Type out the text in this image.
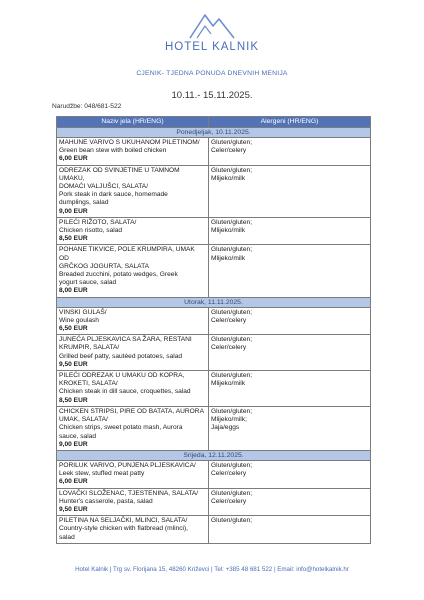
HOTEL KALNIK
CJENIK- TJEDNA PONUDA DNEVNIH MENIJA
10.11.- 15.11.2025.
Narudžbe: 048/681-522
Naziv jela (HR/ENG)	Alergeni (HR/ENG)
Ponedjeljak, 10.11.2025.	

MAHUNE VARIVO S UKUHANOM PILETINOM/
Green bean stew with boiled chicken
6,00 EUR	Gluten/gluten;
Celer/celery

ODREZAK OD SVINJETINE U TAMNOM UMAKU,
DOMAĆI VALJUŠCI, SALATA/
Pork steak in dark sauce, homemade
dumplings, salad
9,00 EUR	Gluten/gluten;
Mlijeko/milk

PILEĆI RIŽOTO, SALATA/
Chicken risotto, salad
8,50 EUR	Gluten/gluten;
Mlijeko/milk

POHANE TIKVICE, POLE KRUMPIRA, UMAK OD
GRČKOG JOGURTA, SALATA
Breaded zucchini, potato wedges, Greek
yogurt sauce, salad
8,00 EUR	Gluten/gluten;
Mlijeko/milk

Utorak, 11.11.2025.	

VINSKI GULAŠ/
Wine goulash
6,50 EUR	Gluten/gluten;
Celer/celery

JUNEĆA PLJESKAVICA SA ŽARA, RESTANI
KRUMPIR, SALATA/
Grilled beef patty, sautéed potatoes, salad
9,50 EUR	Gluten/gluten;
Celer/celery

PILEĆI ODREZAK U UMAKU OD KOPRA,
KROKETI, SALATA/
Chicken steak in dill sauce, croquettes, salad
8,50 EUR	Gluten/gluten;
Mlijeko/milk

CHICKEN STRIPSI, PIRE OD BATATA, AURORA
UMAK, SALATA/
Chicken strips, sweet potato mash, Aurora
sauce, salad
9,00 EUR	Gluten/gluten;
Mlijeko/milk;
Jaja/eggs

Srijeda, 12.11.2025.	

PORILUK VARIVO, PUNJENA PLJESKAVICA/
Leek stew, stuffed meat patty
6,00 EUR	Gluten/gluten;
Celer/celery

LOVAČKI SLOŽENAC, TJESTENINA, SALATA/
Hunter's casserole, pasta, salad
9,50 EUR	Gluten/gluten;
Celer/celery

PILETINA NA SELJAČKI, MLINCI, SALATA/
Country-style chicken with flatbread (mlinci),
salad	Gluten/gluten;
Hotel Kalnik | Trg sv. Florijana 15, 48260 Križevci | Tel: +385 48 681 522 | Email: info@hotelkalnik.hr
